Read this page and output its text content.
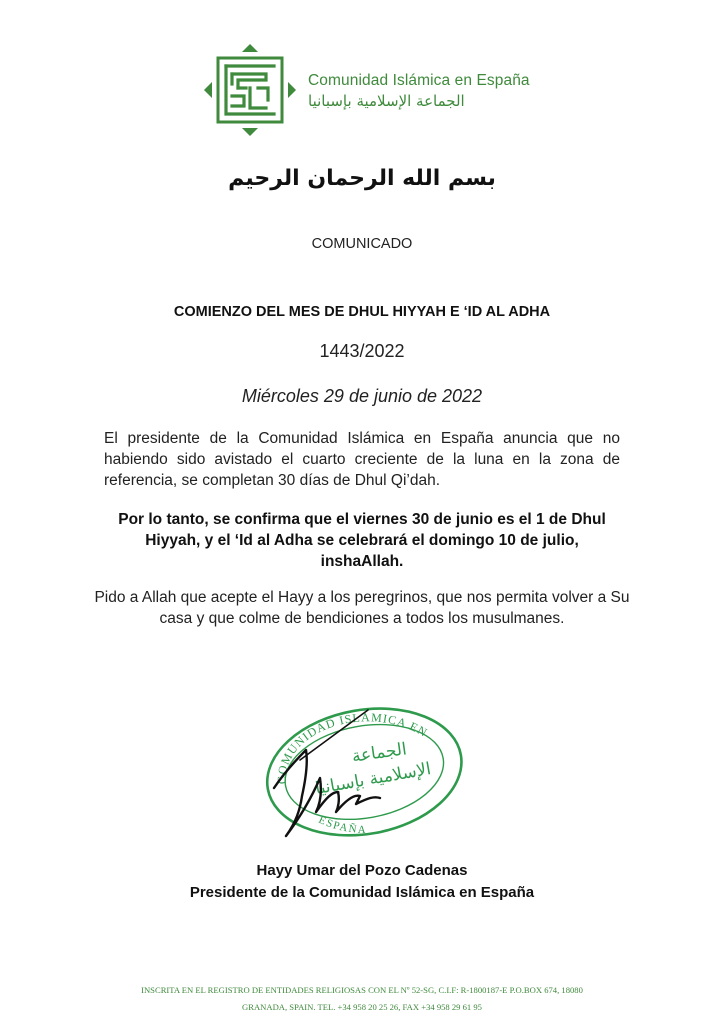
Comunidad Islámica en España
الجماعة الإسلامية بإسبانيا
بسم الله الرحمان الرحيم
COMUNICADO
COMIENZO DEL MES DE DHUL HIYYAH E ‘ID AL ADHA
1443/2022
Miércoles 29 de junio de 2022

El presidente de la Comunidad Islámica en España anuncia que no habiendo sido avistado el cuarto creciente de la luna en la zona de referencia, se completan 30 días de Dhul Qi’dah.

Por lo tanto, se confirma que el viernes 30 de junio es el 1 de Dhul Hiyyah, y el ‘Id al Adha se celebrará el domingo 10 de julio, inshaAllah.

Pido a Allah que acepte el Hayy a los peregrinos, que nos permita volver a Su casa y que colme de bendiciones a todos los musulmanes.

COMUNIDAD ISLÁMICA EN
ESPAÑA
الجماعة
الإسلامية بإسبانيا
Hayy Umar del Pozo Cadenas
Presidente de la Comunidad Islámica en España
INSCRITA EN EL REGISTRO DE ENTIDADES RELIGIOSAS CON EL Nº 52-SG, C.I.F: R-1800187-E P.O.BOX 674, 18080
GRANADA, SPAIN. TEL. +34 958 20 25 26, FAX +34 958 29 61 95
